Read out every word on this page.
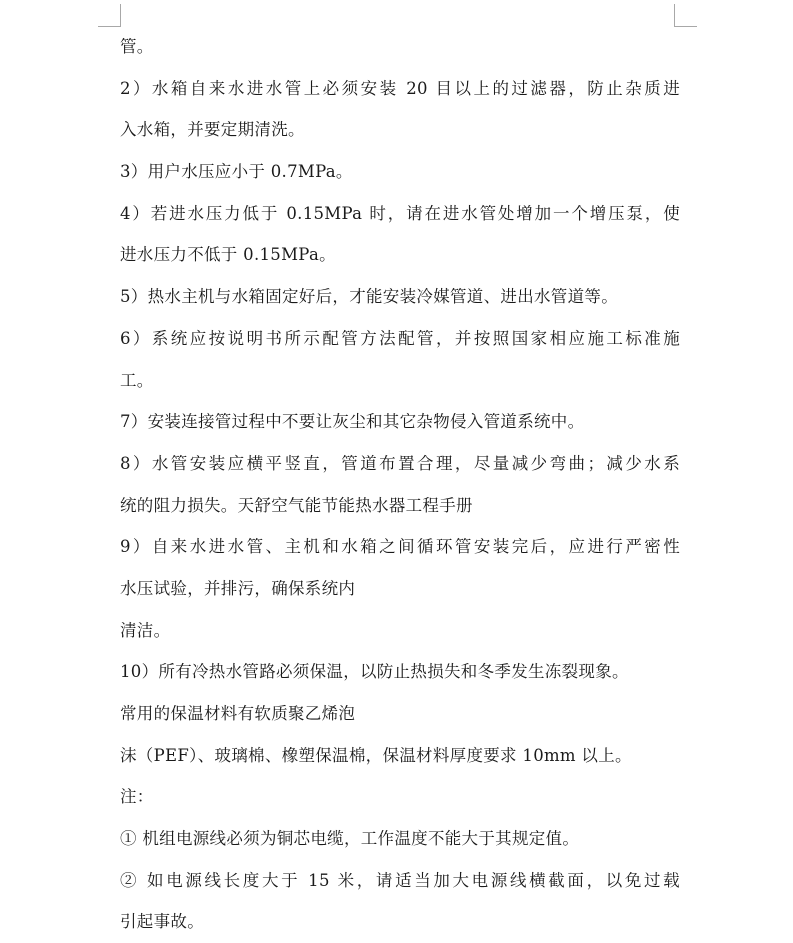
管。
2）水箱自来水进水管上必须安装 20 目以上的过滤器，防止杂质进
入水箱，并要定期清洗。
3）用户水压应小于 0.7MPa。
4）若进水压力低于 0.15MPa 时，请在进水管处增加一个增压泵，使
进水压力不低于 0.15MPa。
5）热水主机与水箱固定好后，才能安装冷媒管道、进出水管道等。
6）系统应按说明书所示配管方法配管，并按照国家相应施工标准施
工。
7）安装连接管过程中不要让灰尘和其它杂物侵入管道系统中。
8）水管安装应横平竖直，管道布置合理，尽量减少弯曲；减少水系
统的阻力损失。天舒空气能节能热水器工程手册
9）自来水进水管、主机和水箱之间循环管安装完后，应进行严密性
水压试验，并排污，确保系统内
清洁。
10）所有冷热水管路必须保温，以防止热损失和冬季发生冻裂现象。
常用的保温材料有软质聚乙烯泡
沫（PEF）、玻璃棉、橡塑保温棉，保温材料厚度要求 10mm 以上。
注：
① 机组电源线必须为铜芯电缆，工作温度不能大于其规定值。
② 如电源线长度大于 15 米，请适当加大电源线横截面，以免过载
引起事故。
